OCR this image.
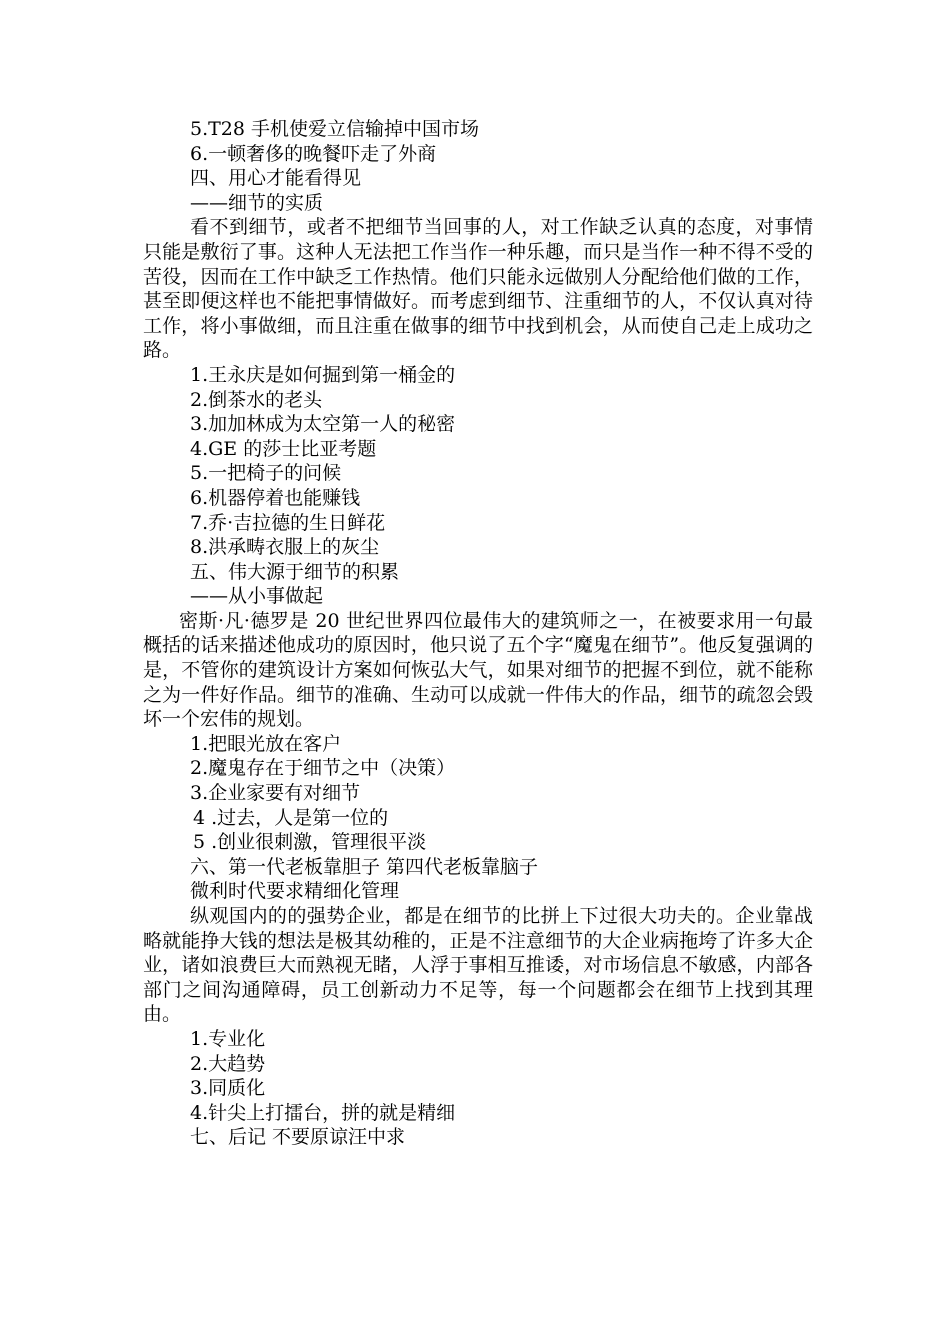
5.T28 手机使爱立信输掉中国市场
6.一顿奢侈的晚餐吓走了外商
四、用心才能看得见
——细节的实质
看不到细节，或者不把细节当回事的人，对工作缺乏认真的态度，对事情只能是敷衍了事。这种人无法把工作当作一种乐趣，而只是当作一种不得不受的苦役，因而在工作中缺乏工作热情。他们只能永远做别人分配给他们做的工作，甚至即便这样也不能把事情做好。而考虑到细节、注重细节的人，不仅认真对待工作，将小事做细，而且注重在做事的细节中找到机会，从而使自己走上成功之路。
1.王永庆是如何掘到第一桶金的
2.倒茶水的老头
3.加加林成为太空第一人的秘密
4.GE 的莎士比亚考题
5.一把椅子的问候
6.机器停着也能赚钱
7.乔·吉拉德的生日鲜花
8.洪承畴衣服上的灰尘
五、伟大源于细节的积累
——从小事做起
密斯·凡·德罗是 20 世纪世界四位最伟大的建筑师之一，在被要求用一句最概括的话来描述他成功的原因时，他只说了五个字“魔鬼在细节”。他反复强调的是，不管你的建筑设计方案如何恢弘大气，如果对细节的把握不到位，就不能称之为一件好作品。细节的准确、生动可以成就一件伟大的作品，细节的疏忽会毁坏一个宏伟的规划。
1.把眼光放在客户
2.魔鬼存在于细节之中（决策）
3.企业家要有对细节
4 .过去，人是第一位的
5 .创业很刺激，管理很平淡
六、第一代老板靠胆子 第四代老板靠脑子
微利时代要求精细化管理
纵观国内的的强势企业，都是在细节的比拼上下过很大功夫的。企业靠战略就能挣大钱的想法是极其幼稚的，正是不注意细节的大企业病拖垮了许多大企业，诸如浪费巨大而熟视无睹，人浮于事相互推诿，对市场信息不敏感，内部各部门之间沟通障碍，员工创新动力不足等，每一个问题都会在细节上找到其理由。
1.专业化
2.大趋势
3.同质化
4.针尖上打擂台，拼的就是精细
七、后记 不要原谅汪中求
